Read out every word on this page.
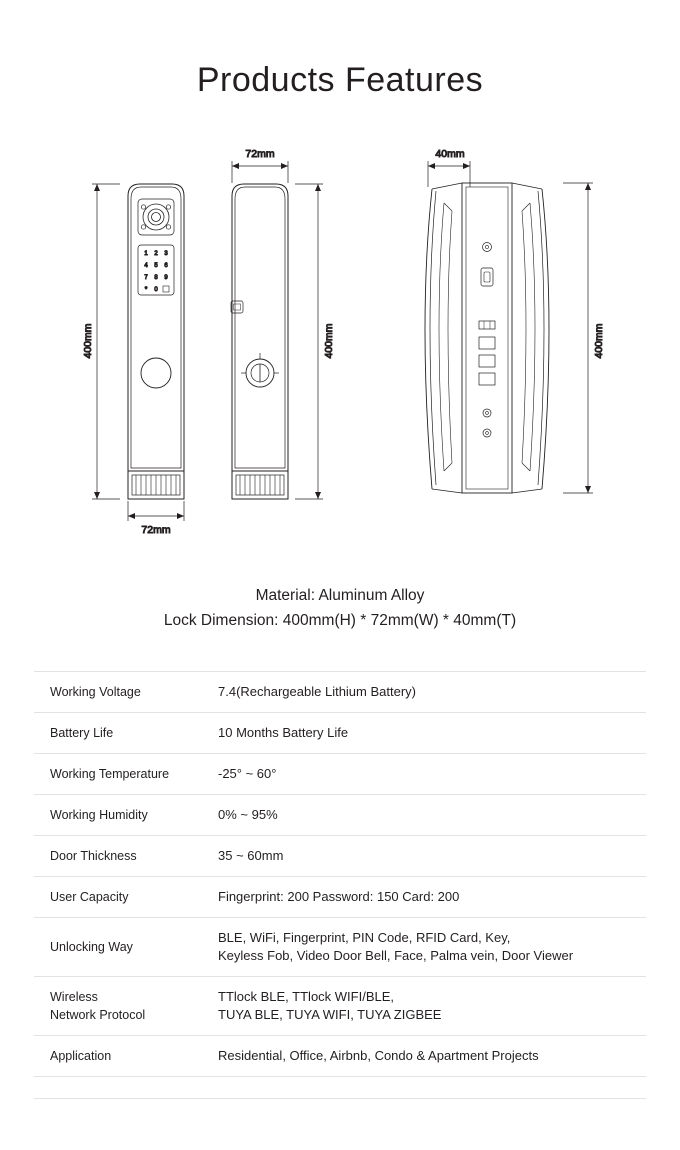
Products Features
1 2 3
4 5 6
7 8 9
* 0
400mm
72mm
72mm
400mm
40mm
400mm
Material: Aluminum Alloy
Lock Dimension: 400mm(H) * 72mm(W) * 40mm(T)
Working Voltage	7.4(Rechargeable Lithium Battery)
Battery Life	10 Months Battery Life
Working Temperature	-25° ~ 60°
Working Humidity	0% ~ 95%
Door Thickness	35 ~ 60mm
User Capacity	Fingerprint: 200 Password: 150 Card: 200
Unlocking Way	BLE, WiFi, Fingerprint, PIN Code, RFID Card, Key,
Keyless Fob, Video Door Bell, Face, Palma vein, Door Viewer

Wireless
Network Protocol	TTlock BLE, TTlock WIFI/BLE,
TUYA BLE, TUYA WIFI, TUYA ZIGBEE

Application	Residential, Office, Airbnb, Condo & Apartment Projects
